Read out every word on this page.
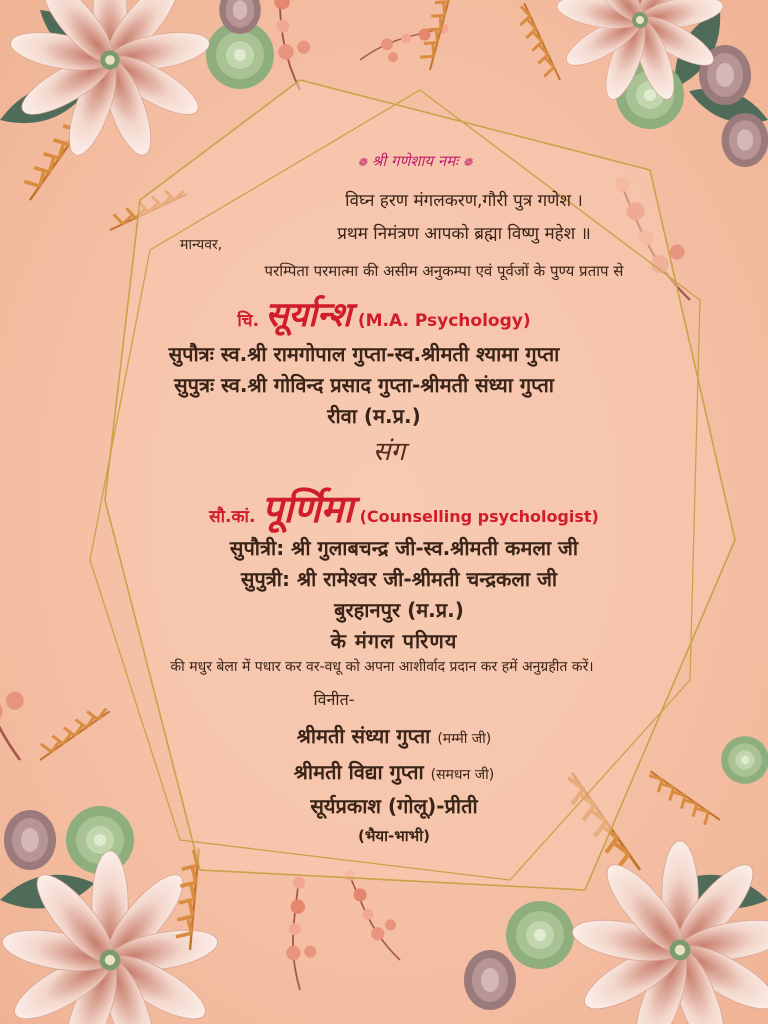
❁ श्री गणेशाय नमः ❁
विघ्न हरण मंगलकरण,गौरी पुत्र गणेश ।
प्रथम निमंत्रण आपको ब्रह्मा विष्णु महेश ॥
मान्यवर,
परम्पिता परमात्मा की असीम अनुकम्पा एवं पूर्वजों के पुण्य प्रताप से
चि. सूर्यान्श (M.A. Psychology)
सुपौत्रः स्व.श्री रामगोपाल गुप्ता-स्व.श्रीमती श्यामा गुप्ता
सुपुत्रः स्व.श्री गोविन्द प्रसाद गुप्ता-श्रीमती संध्या गुप्ता
रीवा (म.प्र.)
संग
सौ.कां. पूर्णिमा (Counselling psychologist)
सुपौत्री: श्री गुलाबचन्द्र जी-स्व.श्रीमती कमला जी
सुपुत्री: श्री रामेश्वर जी-श्रीमती चन्द्रकला जी
बुरहानपुर (म.प्र.)
के मंगल परिणय
की मधुर बेला में पधार कर वर-वधू को अपना आशीर्वाद प्रदान कर हमें अनुग्रहीत करें।
विनीत-
श्रीमती संध्या गुप्ता (मम्मी जी)
श्रीमती विद्या गुप्ता (समधन जी)
सूर्यप्रकाश (गोलू)-प्रीती
(भैया-भाभी)
